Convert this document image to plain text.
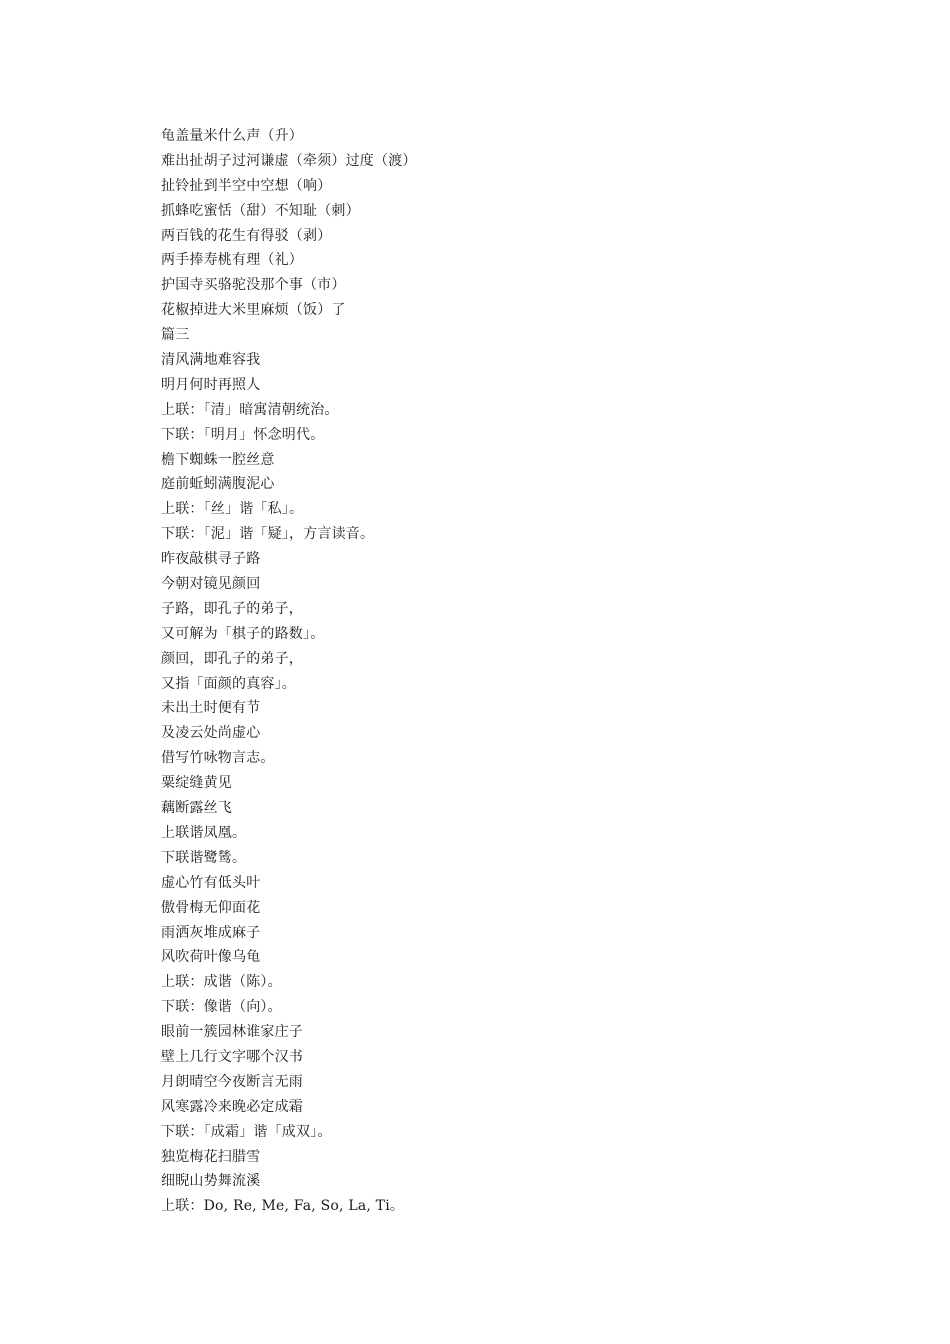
龟盖量米什么声（升）
难出扯胡子过河谦虚（牵须）过度（渡）
扯铃扯到半空中空想（响）
抓蜂吃蜜恬（甜）不知耻（刺）
两百钱的花生有得驳（剥）
两手捧寿桃有理（礼）
护国寺买骆驼没那个事（市）
花椒掉进大米里麻烦（饭）了
篇三
清风满地难容我
明月何时再照人
上联：「清」暗寓清朝统治。
下联：「明月」怀念明代。
檐下蜘蛛一腔丝意
庭前蚯蚓满腹泥心
上联：「丝」谐「私」。
下联：「泥」谐「疑」，方言读音。
昨夜敲棋寻子路
今朝对镜见颜回
子路，即孔子的弟子，
又可解为「棋子的路数」。
颜回，即孔子的弟子，
又指「面颜的真容」。
未出土时便有节
及凌云处尚虚心
借写竹咏物言志。
粟绽缝黄见
藕断露丝飞
上联谐凤凰。
下联谐鹭鸶。
虚心竹有低头叶
傲骨梅无仰面花
雨洒灰堆成麻子
风吹荷叶像乌龟
上联：成谐（陈）。
下联：像谐（向）。
眼前一簇园林谁家庄子
壁上几行文字哪个汉书
月朗晴空今夜断言无雨
风寒露冷来晚必定成霜
下联：「成霜」谐「成双」。
独览梅花扫腊雪
细睨山势舞流溪
上联：Do, Re, Me, Fa, So, La, Ti。
